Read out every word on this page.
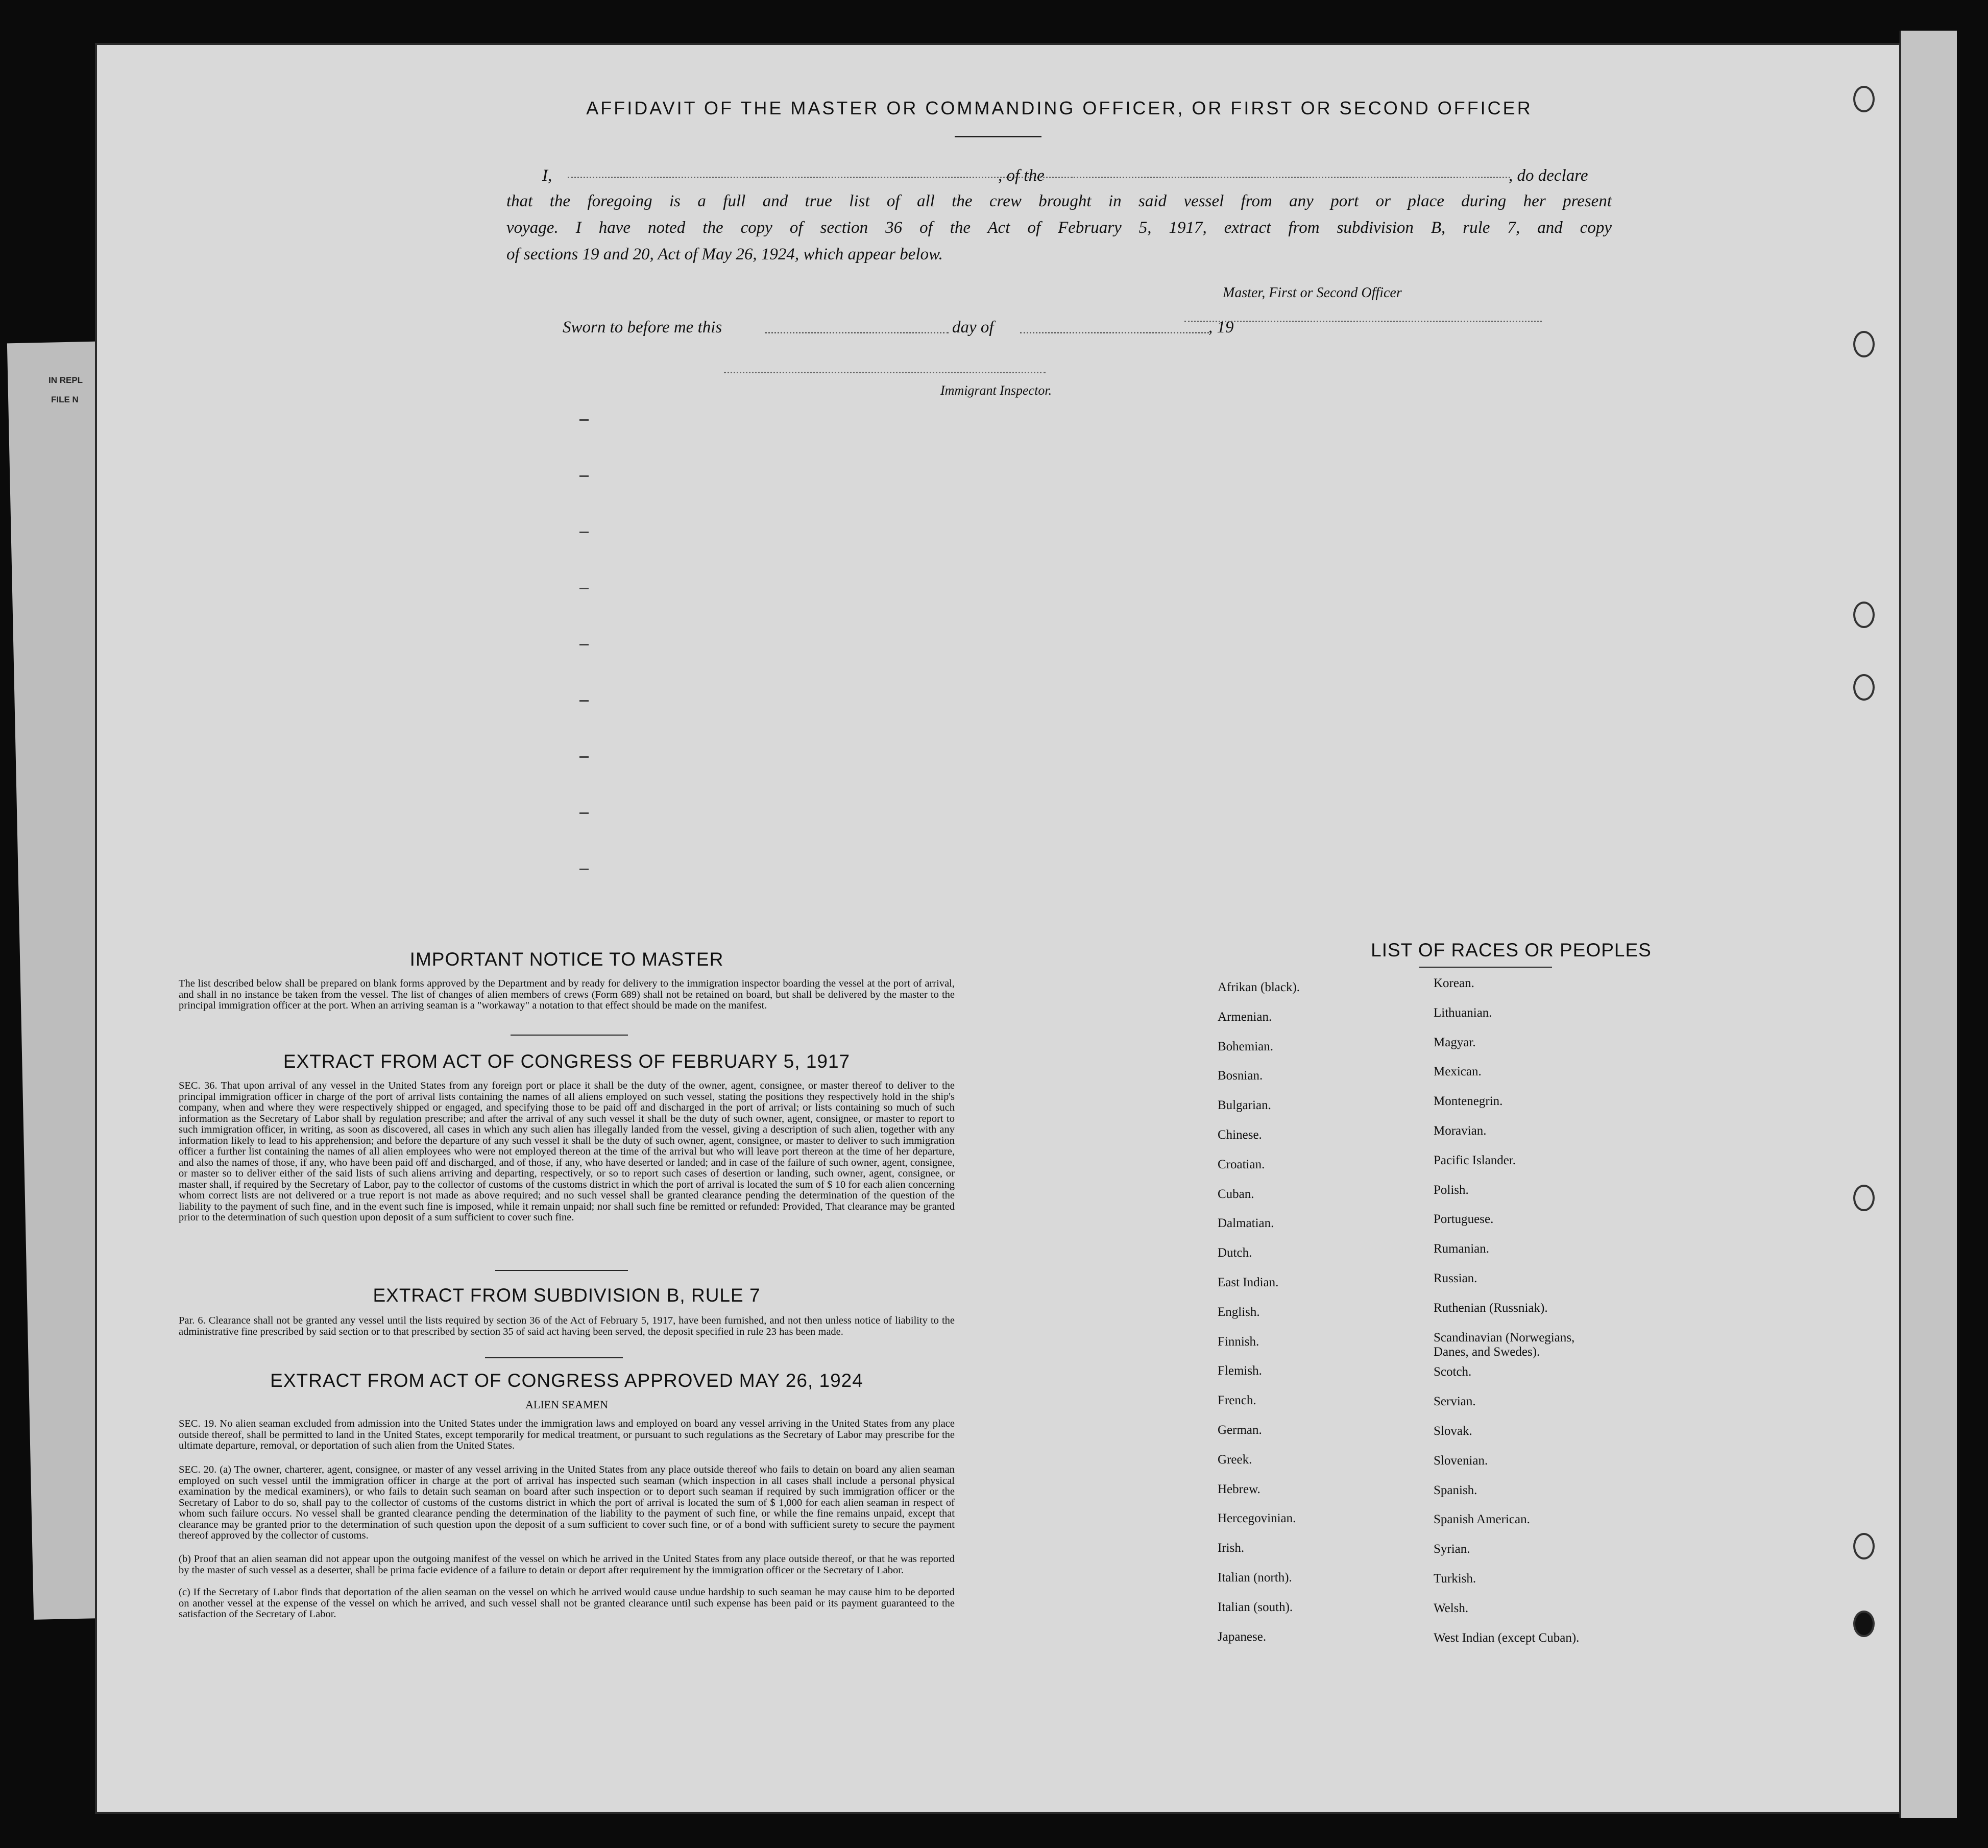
IN REPL
FILE N
AFFIDAVIT OF THE MASTER OR COMMANDING OFFICER, OR FIRST OR SECOND OFFICER
I,	, of the	, do declare
that the foregoing is a full and true list of all the crew brought in said vessel from any port or place during her present
voyage. I have noted the copy of section 36 of the Act of February 5, 1917, extract from subdivision B, rule 7, and copy
of sections 19 and 20, Act of May 26, 1924, which appear below.
Master, First or Second Officer
Sworn to before me this	day of	, 19
Immigrant Inspector.
IMPORTANT NOTICE TO MASTER
The list described below shall be prepared on blank forms approved by the Department and by ready for delivery to the immigration inspector boarding the vessel at the port of arrival, and shall in no instance be taken from the vessel. The list of changes of alien members of crews (Form 689) shall not be retained on board, but shall be delivered by the master to the principal immigration officer at the port. When an arriving seaman is a "workaway" a notation to that effect should be made on the manifest.
EXTRACT FROM ACT OF CONGRESS OF FEBRUARY 5, 1917
SEC. 36. That upon arrival of any vessel in the United States from any foreign port or place it shall be the duty of the owner, agent, consignee, or master thereof to deliver to the principal immigration officer in charge of the port of arrival lists containing the names of all aliens employed on such vessel, stating the positions they respectively hold in the ship's company, when and where they were respectively shipped or engaged, and specifying those to be paid off and discharged in the port of arrival; or lists containing so much of such information as the Secretary of Labor shall by regulation prescribe; and after the arrival of any such vessel it shall be the duty of such owner, agent, consignee, or master to report to such immigration officer, in writing, as soon as discovered, all cases in which any such alien has illegally landed from the vessel, giving a description of such alien, together with any information likely to lead to his apprehension; and before the departure of any such vessel it shall be the duty of such owner, agent, consignee, or master to deliver to such immigration officer a further list containing the names of all alien employees who were not employed thereon at the time of the arrival but who will leave port thereon at the time of her departure, and also the names of those, if any, who have been paid off and discharged, and of those, if any, who have deserted or landed; and in case of the failure of such owner, agent, consignee, or master so to deliver either of the said lists of such aliens arriving and departing, respectively, or so to report such cases of desertion or landing, such owner, agent, consignee, or master shall, if required by the Secretary of Labor, pay to the collector of customs of the customs district in which the port of arrival is located the sum of $ 10 for each alien concerning whom correct lists are not delivered or a true report is not made as above required; and no such vessel shall be granted clearance pending the determination of the question of the liability to the payment of such fine, and in the event such fine is imposed, while it remain unpaid; nor shall such fine be remitted or refunded: Provided, That clearance may be granted prior to the determination of such question upon deposit of a sum sufficient to cover such fine.
EXTRACT FROM SUBDIVISION B, RULE 7
Par. 6. Clearance shall not be granted any vessel until the lists required by section 36 of the Act of February 5, 1917, have been furnished, and not then unless notice of liability to the administrative fine prescribed by said section or to that prescribed by section 35 of said act having been served, the deposit specified in rule 23 has been made.
EXTRACT FROM ACT OF CONGRESS APPROVED MAY 26, 1924
ALIEN SEAMEN
SEC. 19. No alien seaman excluded from admission into the United States under the immigration laws and employed on board any vessel arriving in the United States from any place outside thereof, shall be permitted to land in the United States, except temporarily for medical treatment, or pursuant to such regulations as the Secretary of Labor may prescribe for the ultimate departure, removal, or deportation of such alien from the United States.
SEC. 20. (a) The owner, charterer, agent, consignee, or master of any vessel arriving in the United States from any place outside thereof who fails to detain on board any alien seaman employed on such vessel until the immigration officer in charge at the port of arrival has inspected such seaman (which inspection in all cases shall include a personal physical examination by the medical examiners), or who fails to detain such seaman on board after such inspection or to deport such seaman if required by such immigration officer or the Secretary of Labor to do so, shall pay to the collector of customs of the customs district in which the port of arrival is located the sum of $ 1,000 for each alien seaman in respect of whom such failure occurs. No vessel shall be granted clearance pending the determination of the liability to the payment of such fine, or while the fine remains unpaid, except that clearance may be granted prior to the determination of such question upon the deposit of a sum sufficient to cover such fine, or of a bond with sufficient surety to secure the payment thereof approved by the collector of customs.
(b) Proof that an alien seaman did not appear upon the outgoing manifest of the vessel on which he arrived in the United States from any place outside thereof, or that he was reported by the master of such vessel as a deserter, shall be prima facie evidence of a failure to detain or deport after requirement by the immigration officer or the Secretary of Labor.
(c) If the Secretary of Labor finds that deportation of the alien seaman on the vessel on which he arrived would cause undue hardship to such seaman he may cause him to be deported on another vessel at the expense of the vessel on which he arrived, and such vessel shall not be granted clearance until such expense has been paid or its payment guaranteed to the satisfaction of the Secretary of Labor.
LIST OF RACES OR PEOPLES
Afrikan (black).
Armenian.
Bohemian.
Bosnian.
Bulgarian.
Chinese.
Croatian.
Cuban.
Dalmatian.
Dutch.
East Indian.
English.
Finnish.
Flemish.
French.
German.
Greek.
Hebrew.
Hercegovinian.
Irish.
Italian (north).
Italian (south).
Japanese.
Korean.
Lithuanian.
Magyar.
Mexican.
Montenegrin.
Moravian.
Pacific Islander.
Polish.
Portuguese.
Rumanian.
Russian.
Ruthenian (Russniak).
Scandinavian (Norwegians,
Danes, and Swedes).
Scotch.
Servian.
Slovak.
Slovenian.
Spanish.
Spanish American.
Syrian.
Turkish.
Welsh.
West Indian (except Cuban).
